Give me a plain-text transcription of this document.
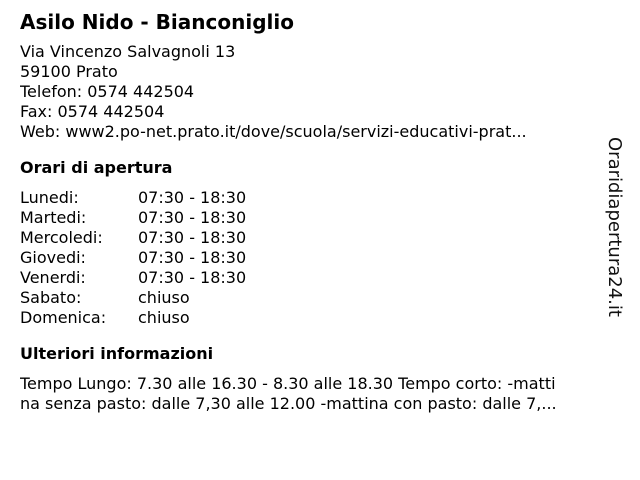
Asilo Nido - Bianconiglio
Via Vincenzo Salvagnoli 13
59100 Prato
Telefon: 0574 442504
Fax: 0574 442504
Web: www2.po-net.prato.it/dove/scuola/servizi-educativi-prat...
Orari di apertura
Lunedi:	07:30 - 18:30
Martedi:	07:30 - 18:30
Mercoledi:	07:30 - 18:30
Giovedi:	07:30 - 18:30
Venerdi:	07:30 - 18:30
Sabato:	chiuso
Domenica:	chiuso
Ulteriori informazioni
Tempo Lungo: 7.30 alle 16.30 - 8.30 alle 18.30 Tempo corto: -matti
na senza pasto: dalle 7,30 alle 12.00 -mattina con pasto: dalle 7,...
Oraridiapertura24.it
